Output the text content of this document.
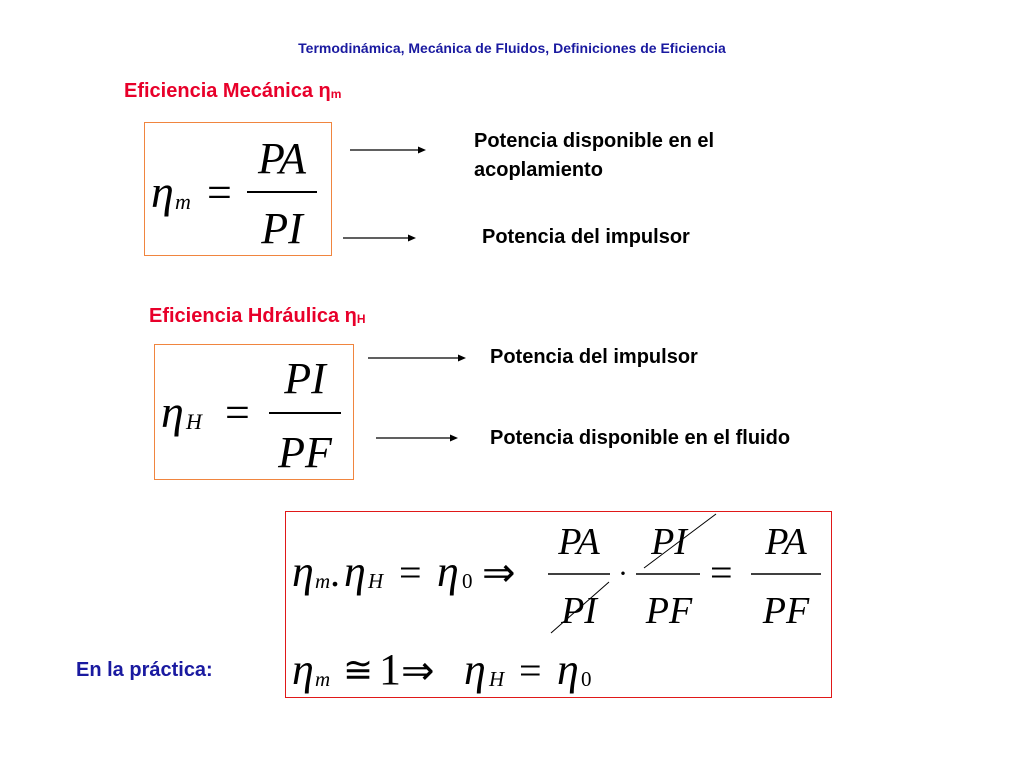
Termodinámica, Mecánica de Fluidos, Definiciones de Eficiencia
Eficiencia Mecánica $\eta_m$
η m =
PA
PI
Potencia disponible en el acoplamiento
Potencia del impulsor
Eficiencia Hdráulica $\eta_H$
η H =
PI
PF
Potencia del impulsor
Potencia disponible en el fluido
η m . η H = η 0 ⇒
PA
PI
·
PI
PF
=
PA
PF
η m ≅ 1 ⇒ η H = η 0
En la práctica:
